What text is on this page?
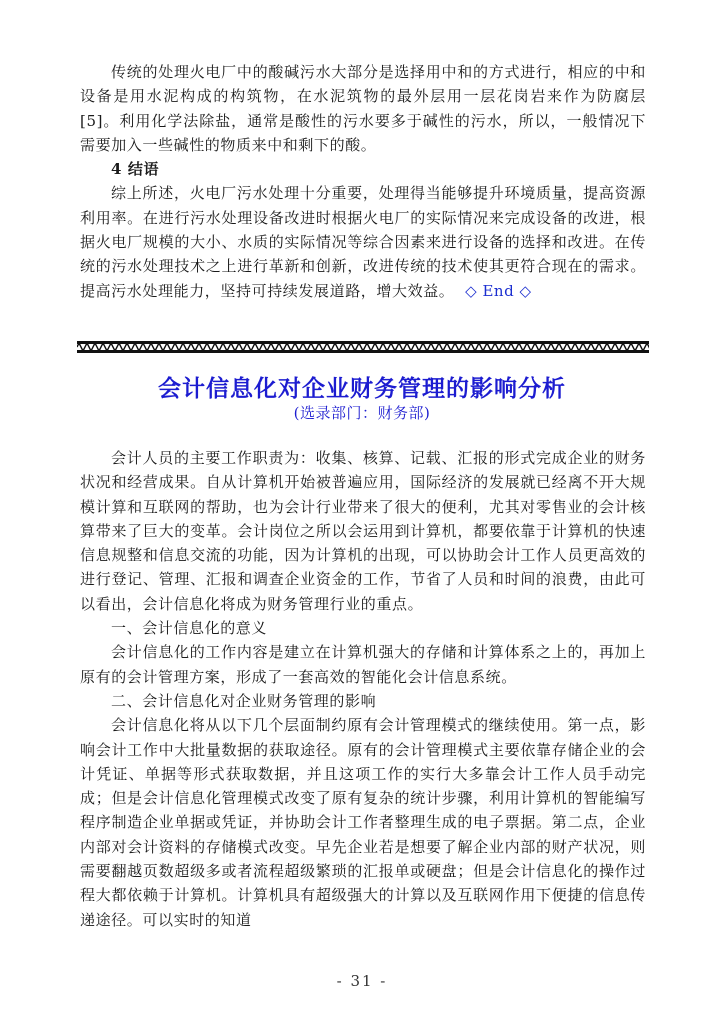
传统的处理火电厂中的酸碱污水大部分是选择用中和的方式进行，相应的中和设备是用水泥构成的构筑物，在水泥筑物的最外层用一层花岗岩来作为防腐层[5]。利用化学法除盐，通常是酸性的污水要多于碱性的污水，所以，一般情况下需要加入一些碱性的物质来中和剩下的酸。

4 结语

综上所述，火电厂污水处理十分重要，处理得当能够提升环境质量，提高资源利用率。在进行污水处理设备改进时根据火电厂的实际情况来完成设备的改进，根据火电厂规模的大小、水质的实际情况等综合因素来进行设备的选择和改进。在传统的污水处理技术之上进行革新和创新，改进传统的技术使其更符合现在的需求。提高污水处理能力，坚持可持续发展道路，增大效益。 ◇ End ◇

会计信息化对企业财务管理的影响分析

(选录部门：财务部)

会计人员的主要工作职责为：收集、核算、记载、汇报的形式完成企业的财务状况和经营成果。自从计算机开始被普遍应用，国际经济的发展就已经离不开大规模计算和互联网的帮助，也为会计行业带来了很大的便利，尤其对零售业的会计核算带来了巨大的变革。会计岗位之所以会运用到计算机，都要依靠于计算机的快速信息规整和信息交流的功能，因为计算机的出现，可以协助会计工作人员更高效的进行登记、管理、汇报和调查企业资金的工作，节省了人员和时间的浪费，由此可以看出，会计信息化将成为财务管理行业的重点。

一、会计信息化的意义

会计信息化的工作内容是建立在计算机强大的存储和计算体系之上的，再加上原有的会计管理方案，形成了一套高效的智能化会计信息系统。

二、会计信息化对企业财务管理的影响

会计信息化将从以下几个层面制约原有会计管理模式的继续使用。第一点，影响会计工作中大批量数据的获取途径。原有的会计管理模式主要依靠存储企业的会计凭证、单据等形式获取数据，并且这项工作的实行大多靠会计工作人员手动完成；但是会计信息化管理模式改变了原有复杂的统计步骤，利用计算机的智能编写程序制造企业单据或凭证，并协助会计工作者整理生成的电子票据。第二点，企业内部对会计资料的存储模式改变。早先企业若是想要了解企业内部的财产状况，则需要翻越页数超级多或者流程超级繁琐的汇报单或硬盘；但是会计信息化的操作过程大都依赖于计算机。计算机具有超级强大的计算以及互联网作用下便捷的信息传递途径。可以实时的知道

- 31 -
